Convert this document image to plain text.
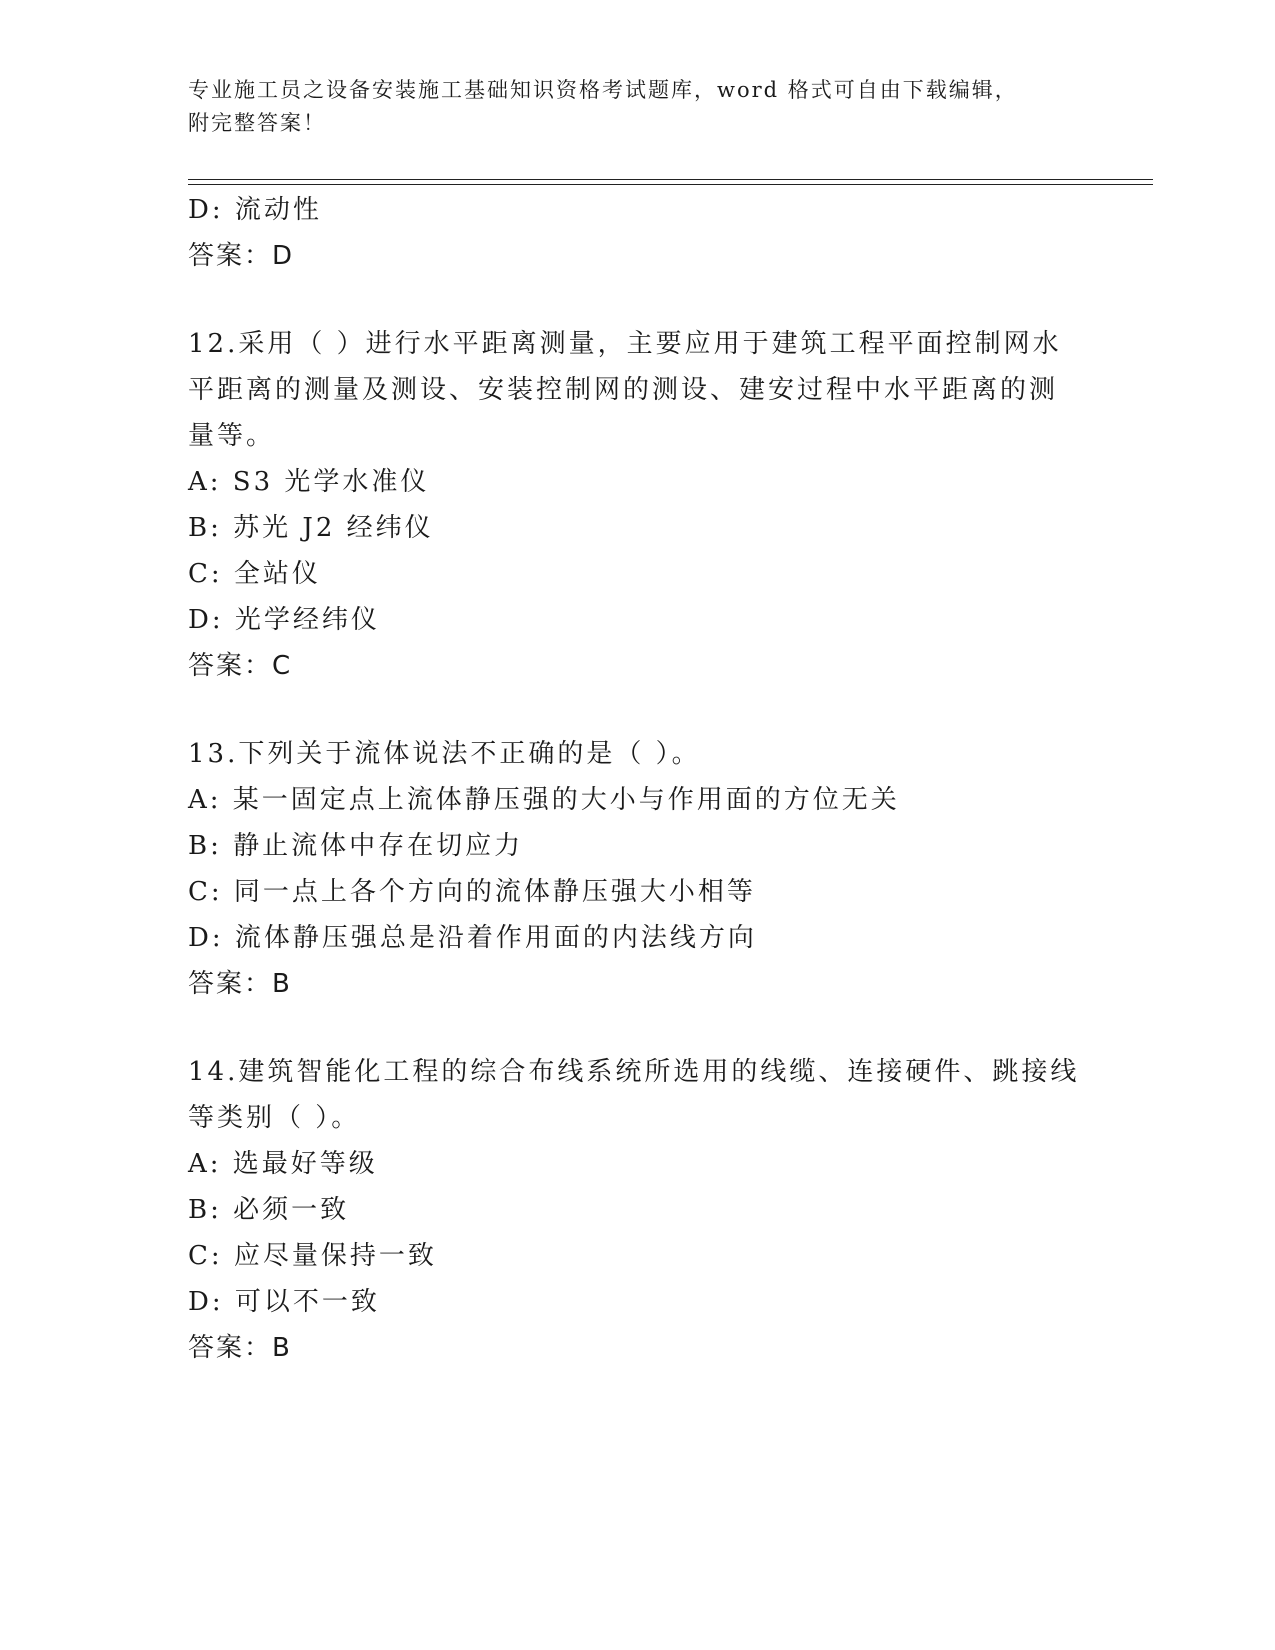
专业施工员之设备安装施工基础知识资格考试题库，word 格式可自由下载编辑，
附完整答案！
D: 流动性
答案：D
12.采用（ ）进行水平距离测量，主要应用于建筑工程平面控制网水
平距离的测量及测设、安装控制网的测设、建安过程中水平距离的测
量等。
A: S3 光学水准仪
B: 苏光 J2 经纬仪
C: 全站仪
D: 光学经纬仪
答案：C
13.下列关于流体说法不正确的是（ ）。
A: 某一固定点上流体静压强的大小与作用面的方位无关
B: 静止流体中存在切应力
C: 同一点上各个方向的流体静压强大小相等
D: 流体静压强总是沿着作用面的内法线方向
答案：B
14.建筑智能化工程的综合布线系统所选用的线缆、连接硬件、跳接线
等类别（ ）。
A: 选最好等级
B: 必须一致
C: 应尽量保持一致
D: 可以不一致
答案：B
